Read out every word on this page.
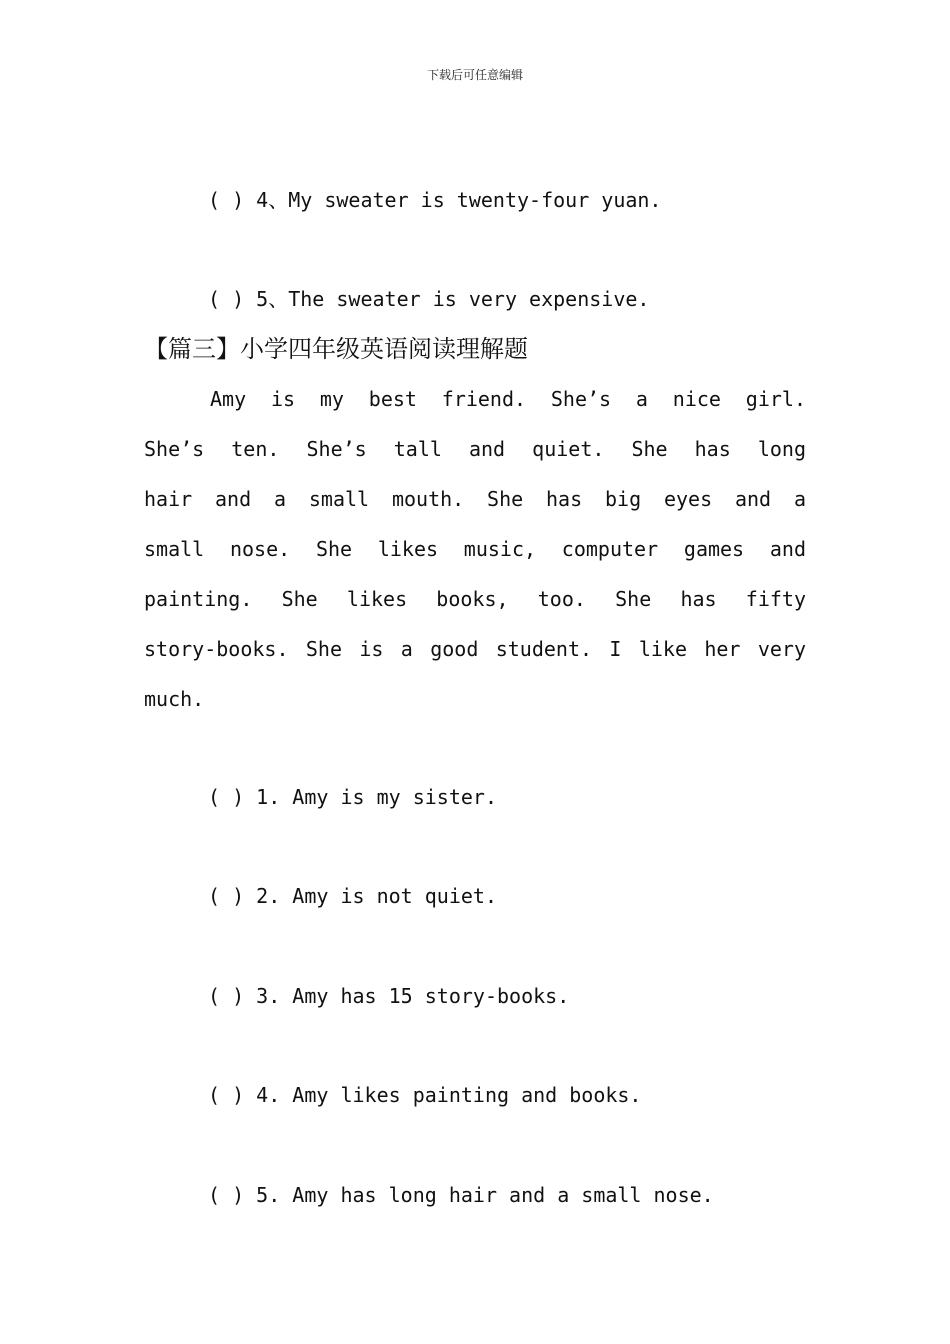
下载后可任意编辑
( ) 4、My sweater is twenty-four yuan.
( ) 5、The sweater is very expensive.
【篇三】小学四年级英语阅读理解题
Amy is my best friend. She’s a nice girl.
She’s ten. She’s tall and quiet. She has long
hair and a small mouth. She has big eyes and a
small nose. She likes music, computer games and
painting. She likes books, too. She has fifty
story-books. She is a good student. I like her very
much.
( ) 1. Amy is my sister.
( ) 2. Amy is not quiet.
( ) 3. Amy has 15 story-books.
( ) 4. Amy likes painting and books.
( ) 5. Amy has long hair and a small nose.
